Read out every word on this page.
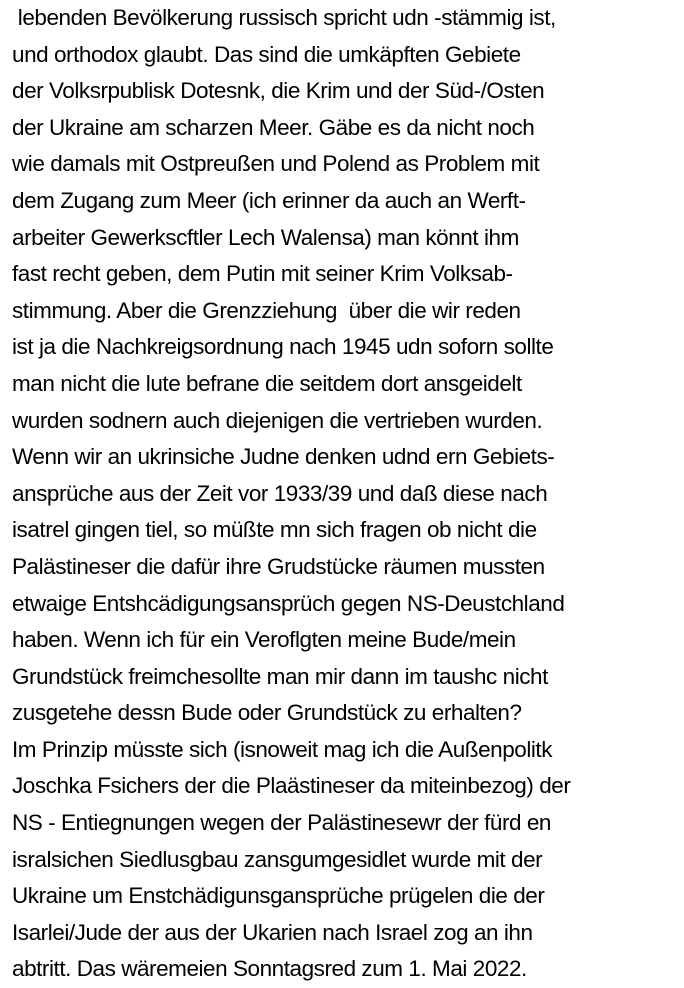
lebenden Bevölkerung russisch spricht udn -stämmig ist,
und orthodox glaubt. Das sind die umkäpften Gebiete
der Volksrpublisk Dotesnk, die Krim und der Süd-/Osten
der Ukraine am scharzen Meer. Gäbe es da nicht noch
wie damals mit Ostpreußen und Polend as Problem mit
dem Zugang zum Meer (ich erinner da auch an Werft-
arbeiter Gewerkscftler Lech Walensa) man könnt ihm
fast recht geben, dem Putin mit seiner Krim Volksab-
stimmung. Aber die Grenzziehung  über die wir reden
ist ja die Nachkreigsordnung nach 1945 udn soforn sollte
man nicht die lute befrane die seitdem dort ansgeidelt
wurden sodnern auch diejenigen die vertrieben wurden.
Wenn wir an ukrinsiche Judne denken udnd ern Gebiets-
ansprüche aus der Zeit vor 1933/39 und daß diese nach
isatrel gingen tiel, so müßte mn sich fragen ob nicht die
Palästineser die dafür ihre Grudstücke räumen mussten
etwaige Entshcädigungsansprüch gegen NS-Deustchland
haben. Wenn ich für ein Veroflgten meine Bude/mein
Grundstück freimchesollte man mir dann im taushc nicht
zusgetehe dessn Bude oder Grundstück zu erhalten?
Im Prinzip müsste sich (isnoweit mag ich die Außenpolitk
Joschka Fsichers der die Plaästineser da miteinbezog) der
NS - Entiegnungen wegen der Palästinesewr der fürd en
isralsichen Siedlusgbau zansgumgesidlet wurde mit der
Ukraine um Enstchädigunsgansprüche prügelen die der
Isarlei/Jude der aus der Ukarien nach Israel zog an ihn
abtritt. Das wäremeien Sonntagsred zum 1. Mai 2022.
